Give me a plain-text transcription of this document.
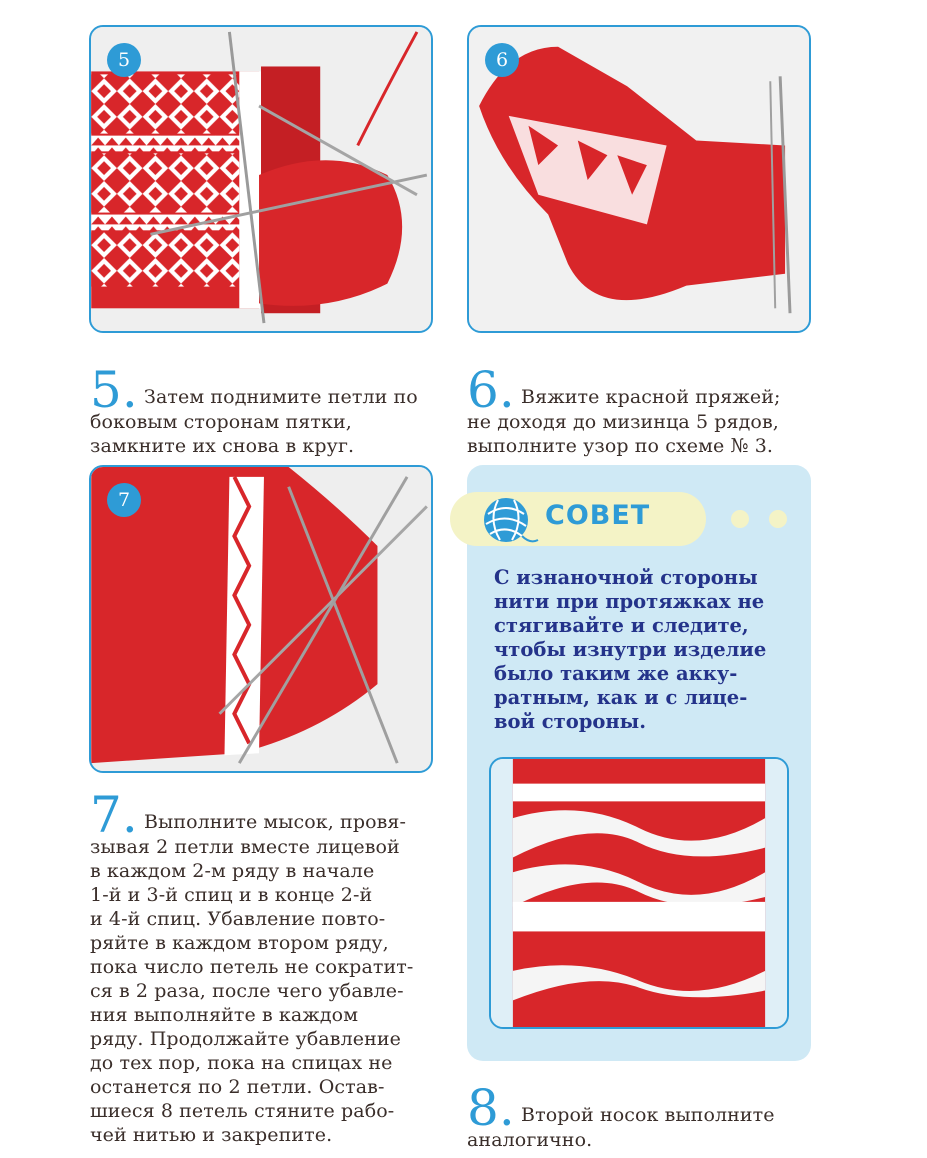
5	6
7
5. Затем поднимите петли по
боковым сторонам пятки,
замкните их снова в круг.
6. Вяжите красной пряжей;
не доходя до мизинца 5 рядов,
выполните узор по схеме № 3.
7. Выполните мысок, провя-
зывая 2 петли вместе лицевой
в каждом 2-м ряду в начале
1-й и 3-й спиц и в конце 2-й
и 4-й спиц. Убавление повто-
ряйте в каждом втором ряду,
пока число петель не сократит-
ся в 2 раза, после чего убавле-
ния выполняйте в каждом
ряду. Продолжайте убавление
до тех пор, пока на спицах не
останется по 2 петли. Остав-
шиеся 8 петель стяните рабо-
чей нитью и закрепите.
СОВЕТ
С изнаночной стороны
нити при протяжках не
стягивайте и следите,
чтобы изнутри изделие
было таким же акку-
ратным, как и с лице-
вой стороны.
8. Второй носок выполните
аналогично.
